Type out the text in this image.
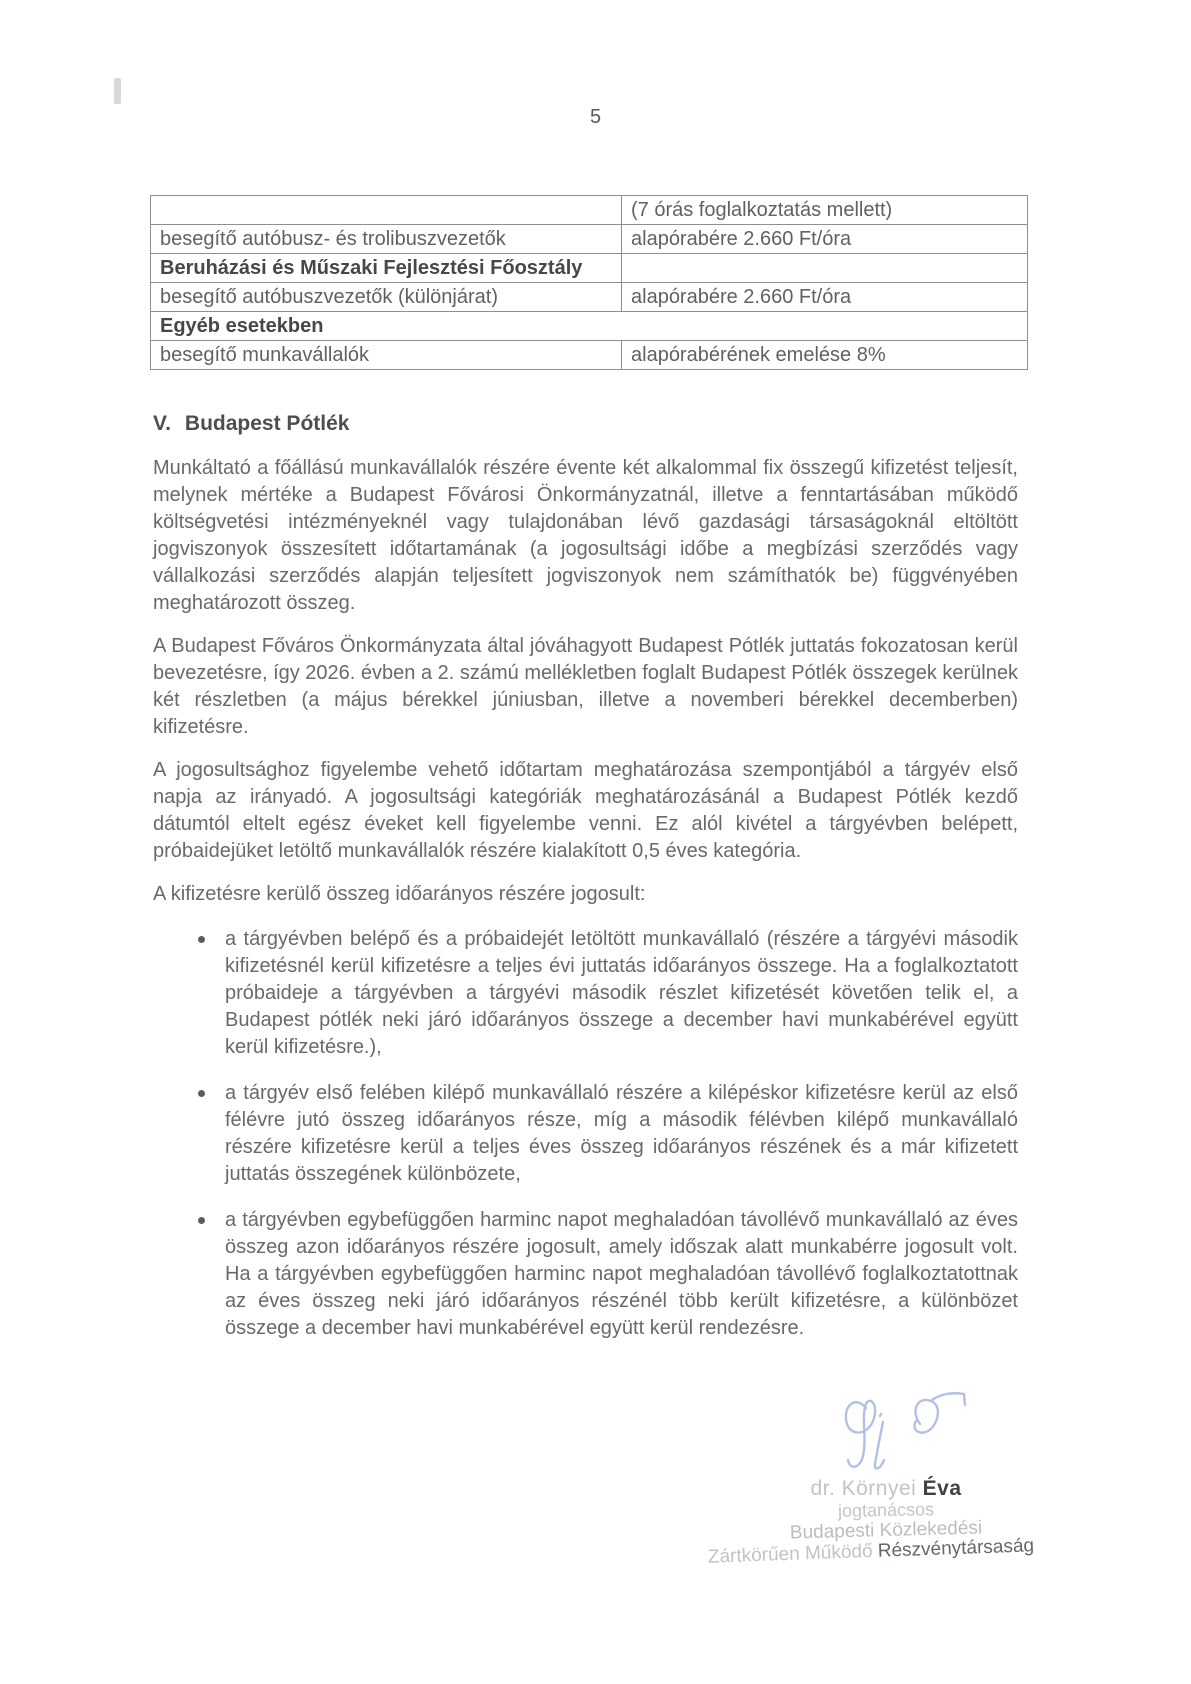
5
	(7 órás foglalkoztatás mellett)
besegítő autóbusz- és trolibuszvezetők	alapórabére 2.660 Ft/óra
Beruházási és Műszaki Fejlesztési Főosztály	
besegítő autóbuszvezetők (különjárat)	alapórabére 2.660 Ft/óra
Egyéb esetekben	
besegítő munkavállalók	alapórabérének emelése 8%
V. Budapest Pótlék

Munkáltató a főállású munkavállalók részére évente két alkalommal fix összegű kifizetést teljesít, melynek mértéke a Budapest Fővárosi Önkormányzatnál, illetve a fenntartásában működő költségvetési intézményeknél vagy tulajdonában lévő gazdasági társaságoknál eltöltött jogviszonyok összesített időtartamának (a jogosultsági időbe a megbízási szerződés vagy vállalkozási szerződés alapján teljesített jogviszonyok nem számíthatók be) függvényében meghatározott összeg.

A Budapest Főváros Önkormányzata által jóváhagyott Budapest Pótlék juttatás fokozatosan kerül bevezetésre, így 2026. évben a 2. számú mellékletben foglalt Budapest Pótlék összegek kerülnek két részletben (a május bérekkel júniusban, illetve a novemberi bérekkel decemberben) kifizetésre.

A jogosultsághoz figyelembe vehető időtartam meghatározása szempontjából a tárgyév első napja az irányadó. A jogosultsági kategóriák meghatározásánál a Budapest Pótlék kezdő dátumtól eltelt egész éveket kell figyelembe venni. Ez alól kivétel a tárgyévben belépett, próbaidejüket letöltő munkavállalók részére kialakított 0,5 éves kategória.

A kifizetésre kerülő összeg időarányos részére jogosult:

a tárgyévben belépő és a próbaidejét letöltött munkavállaló (részére a tárgyévi második kifizetésnél kerül kifizetésre a teljes évi juttatás időarányos összege. Ha a foglalkoztatott próbaideje a tárgyévben a tárgyévi második részlet kifizetését követően telik el, a Budapest pótlék neki járó időarányos összege a december havi munkabérével együtt kerül kifizetésre.),
a tárgyév első felében kilépő munkavállaló részére a kilépéskor kifizetésre kerül az első félévre jutó összeg időarányos része, míg a második félévben kilépő munkavállaló részére kifizetésre kerül a teljes éves összeg időarányos részének és a már kifizetett juttatás összegének különbözete,
a tárgyévben egybefüggően harminc napot meghaladóan távollévő munkavállaló az éves összeg azon időarányos részére jogosult, amely időszak alatt munkabérre jogosult volt. Ha a tárgyévben egybefüggően harminc napot meghaladóan távollévő foglalkoztatottnak az éves összeg neki járó időarányos részénél több került kifizetésre, a különbözet összege a december havi munkabérével együtt kerül rendezésre.
dr. Környei Éva
jogtanácsos
Budapesti Közlekedési
Zártkörűen Működő Részvénytársaság
